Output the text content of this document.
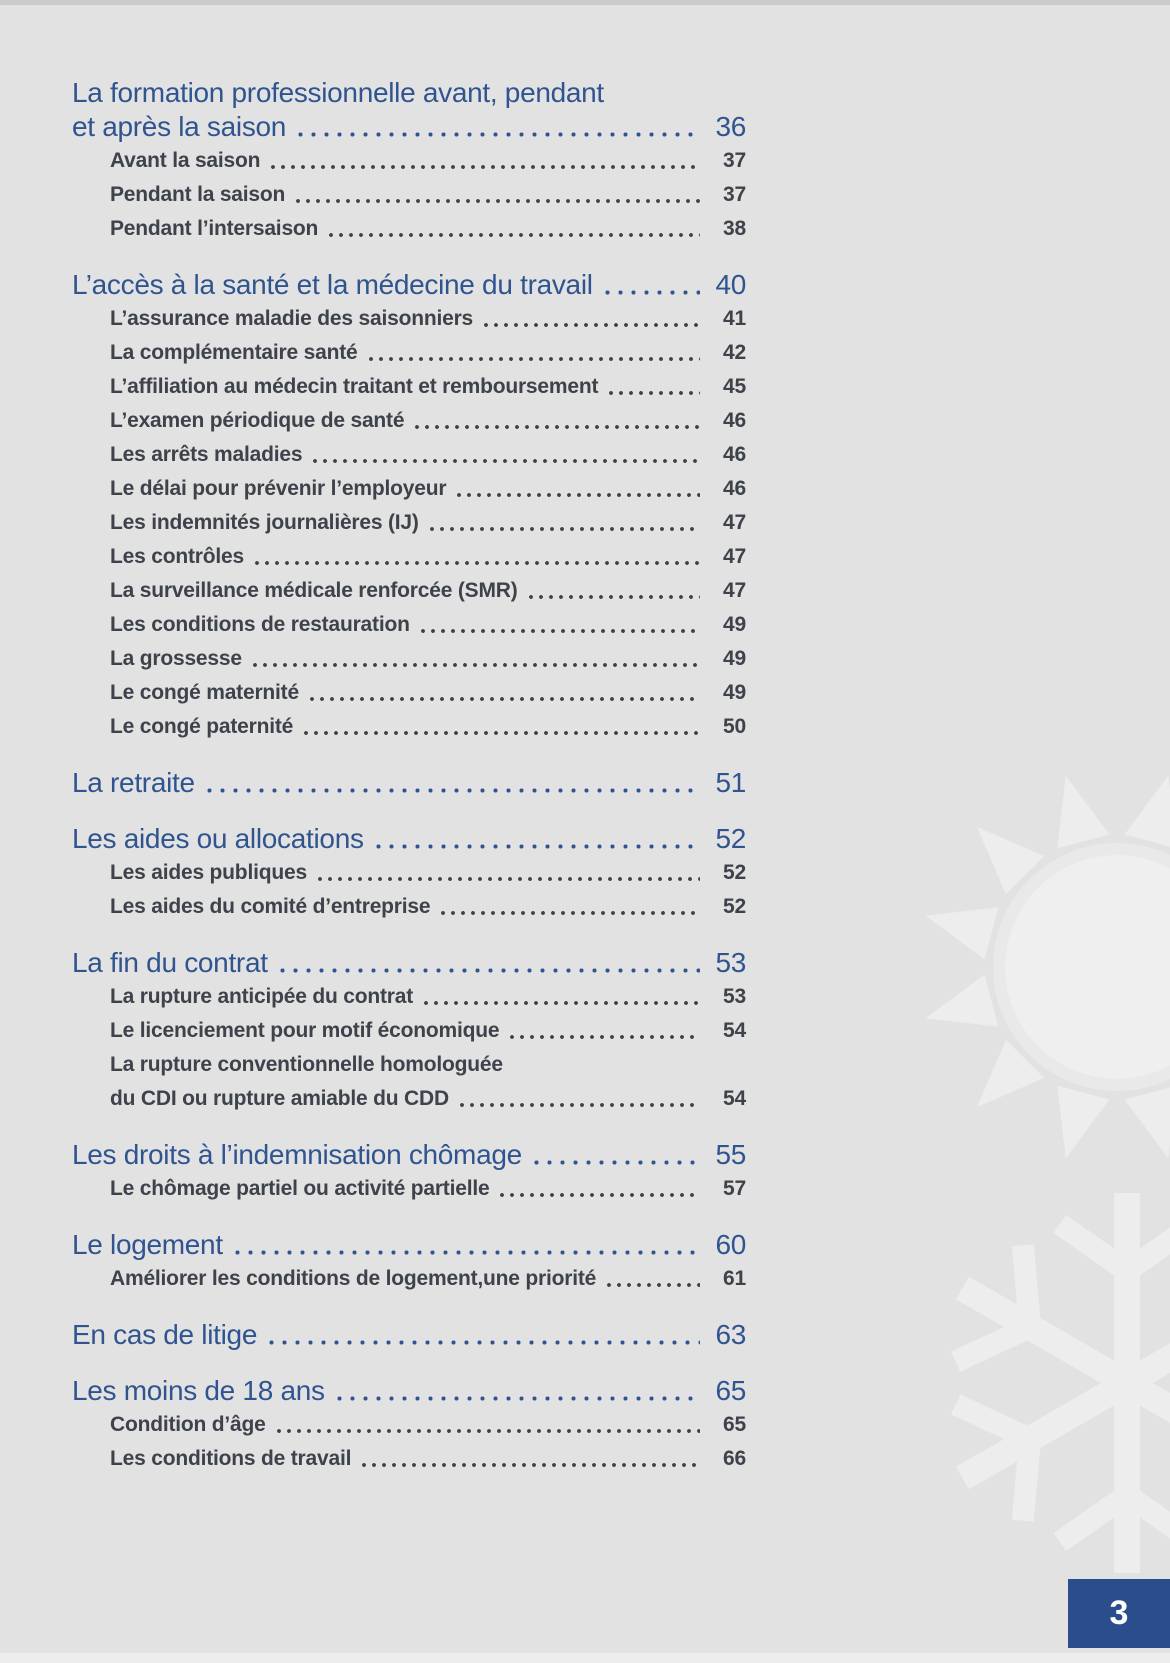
La formation professionnelle avant, pendant
et après la saison	36
Avant la saison	37
Pendant la saison	37
Pendant l’intersaison	38
L’accès à la santé et la médecine du travail	40
L’assurance maladie des saisonniers	41
La complémentaire santé	42
L’affiliation au médecin traitant et remboursement	45
L’examen périodique de santé	46
Les arrêts maladies	46
Le délai pour prévenir l’employeur	46
Les indemnités journalières (IJ)	47
Les contrôles	47
La surveillance médicale renforcée (SMR)	47
Les conditions de restauration	49
La grossesse	49
Le congé maternité	49
Le congé paternité	50
La retraite	51
Les aides ou allocations	52
Les aides publiques	52
Les aides du comité d’entreprise	52
La fin du contrat	53
La rupture anticipée du contrat	53
Le licenciement pour motif économique	54
La rupture conventionnelle homologuée
du CDI ou rupture amiable du CDD	54
Les droits à l’indemnisation chômage	55
Le chômage partiel ou activité partielle	57
Le logement	60
Améliorer les conditions de logement,une priorité	61
En cas de litige	63
Les moins de 18 ans	65
Condition d’âge	65
Les conditions de travail	66
3
